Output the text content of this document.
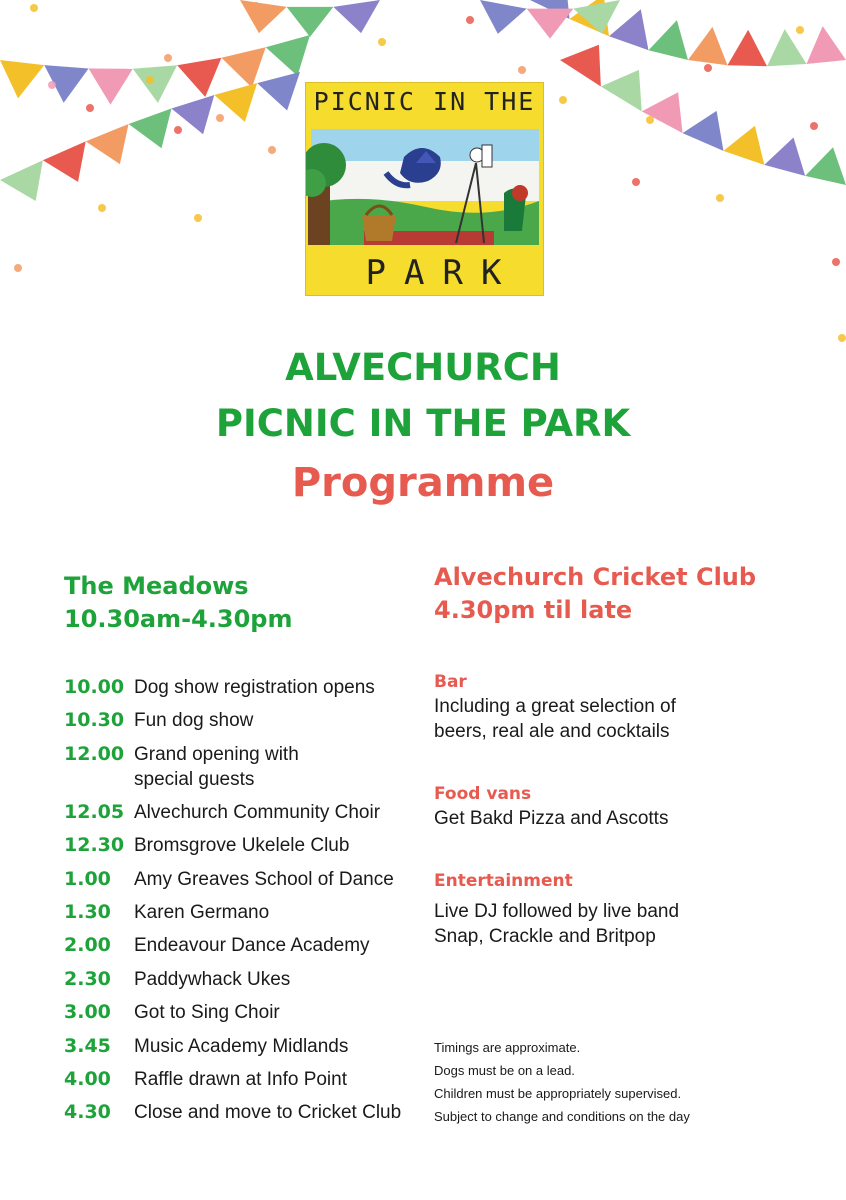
PICNIC IN THE
PARK
ALVECHURCH
PICNIC IN THE PARK
Programme
The Meadows
10.30am-4.30pm
Alvechurch Cricket Club
4.30pm til late
10.00 Dog show registration opens
10.30 Fun dog show
12.00 Grand opening with
special guests
12.05 Alvechurch Community Choir
12.30 Bromsgrove Ukelele Club
1.00 Amy Greaves School of Dance
1.30 Karen Germano
2.00 Endeavour Dance Academy
2.30 Paddywhack Ukes
3.00 Got to Sing Choir
3.45 Music Academy Midlands
4.00 Raffle drawn at Info Point
4.30 Close and move to Cricket Club
Bar
Including a great selection of
beers, real ale and cocktails
Food vans
Get Bakd Pizza and Ascotts
Entertainment
Live DJ followed by live band
Snap, Crackle and Britpop
Timings are approximate.
Dogs must be on a lead.
Children must be appropriately supervised.
Subject to change and conditions on the day
